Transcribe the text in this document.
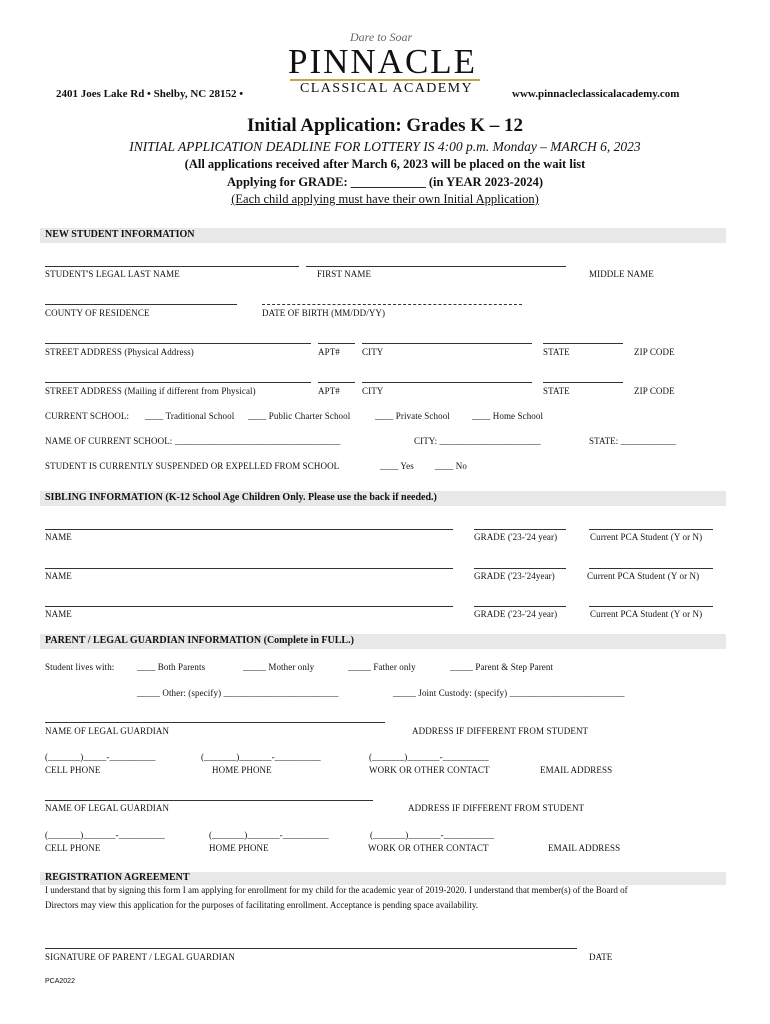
Dare to Soar
PINNACLE
CLASSICAL ACADEMY
2401 Joes Lake Rd • Shelby, NC 28152 •	www.pinnacleclassicalacademy.com
Initial Application: Grades K – 12
INITIAL APPLICATION DEADLINE FOR LOTTERY IS 4:00 p.m. Monday – MARCH 6, 2023
(All applications received after March 6, 2023 will be placed on the wait list
Applying for GRADE: ____________ (in YEAR 2023-2024)
(Each child applying must have their own Initial Application)
NEW STUDENT INFORMATION
STUDENT'S LEGAL LAST NAME	FIRST NAME	MIDDLE NAME
COUNTY OF RESIDENCE	DATE OF BIRTH (MM/DD/YY)
STREET ADDRESS (Physical Address)	APT# CITY	STATE	ZIP CODE
STREET ADDRESS (Mailing if different from Physical)	APT# CITY	STATE	ZIP CODE
CURRENT SCHOOL: ____ Traditional School ____ Public Charter School	____ Private School ____ Home School
NAME OF CURRENT SCHOOL: ____________________________________	CITY: ______________________	STATE: ____________
STUDENT IS CURRENTLY SUSPENDED OR EXPELLED FROM SCHOOL	____ Yes ____ No
SIBLING INFORMATION (K-12 School Age Children Only. Please use the back if needed.)
NAME	GRADE ('23-'24 year)	Current PCA Student (Y or N)
NAME	GRADE ('23-'24year)	Current PCA Student (Y or N)
NAME	GRADE ('23-'24 year)	Current PCA Student (Y or N)
PARENT / LEGAL GUARDIAN INFORMATION (Complete in FULL.)
Student lives with:	____ Both Parents	_____ Mother only	_____ Father only	_____ Parent & Step Parent
_____ Other: (specify) _________________________	_____ Joint Custody: (specify) _________________________
NAME OF LEGAL GUARDIAN	ADDRESS IF DIFFERENT FROM STUDENT
(_______)_____-__________	(_______)_______-__________	(_______)_______-__________
CELL PHONE	HOME PHONE	WORK OR OTHER CONTACT	EMAIL ADDRESS
NAME OF LEGAL GUARDIAN	ADDRESS IF DIFFERENT FROM STUDENT
(_______)_______-__________	(_______)_______-__________	(_______)_______-___________
CELL PHONE	HOME PHONE	WORK OR OTHER CONTACT	EMAIL ADDRESS
REGISTRATION AGREEMENT
I understand that by signing this form I am applying for enrollment for my child for the academic year of 2019-2020. I understand that member(s) of the Board of
Directors may view this application for the purposes of facilitating enrollment. Acceptance is pending space availability.
SIGNATURE OF PARENT / LEGAL GUARDIAN	DATE
PCA2022
